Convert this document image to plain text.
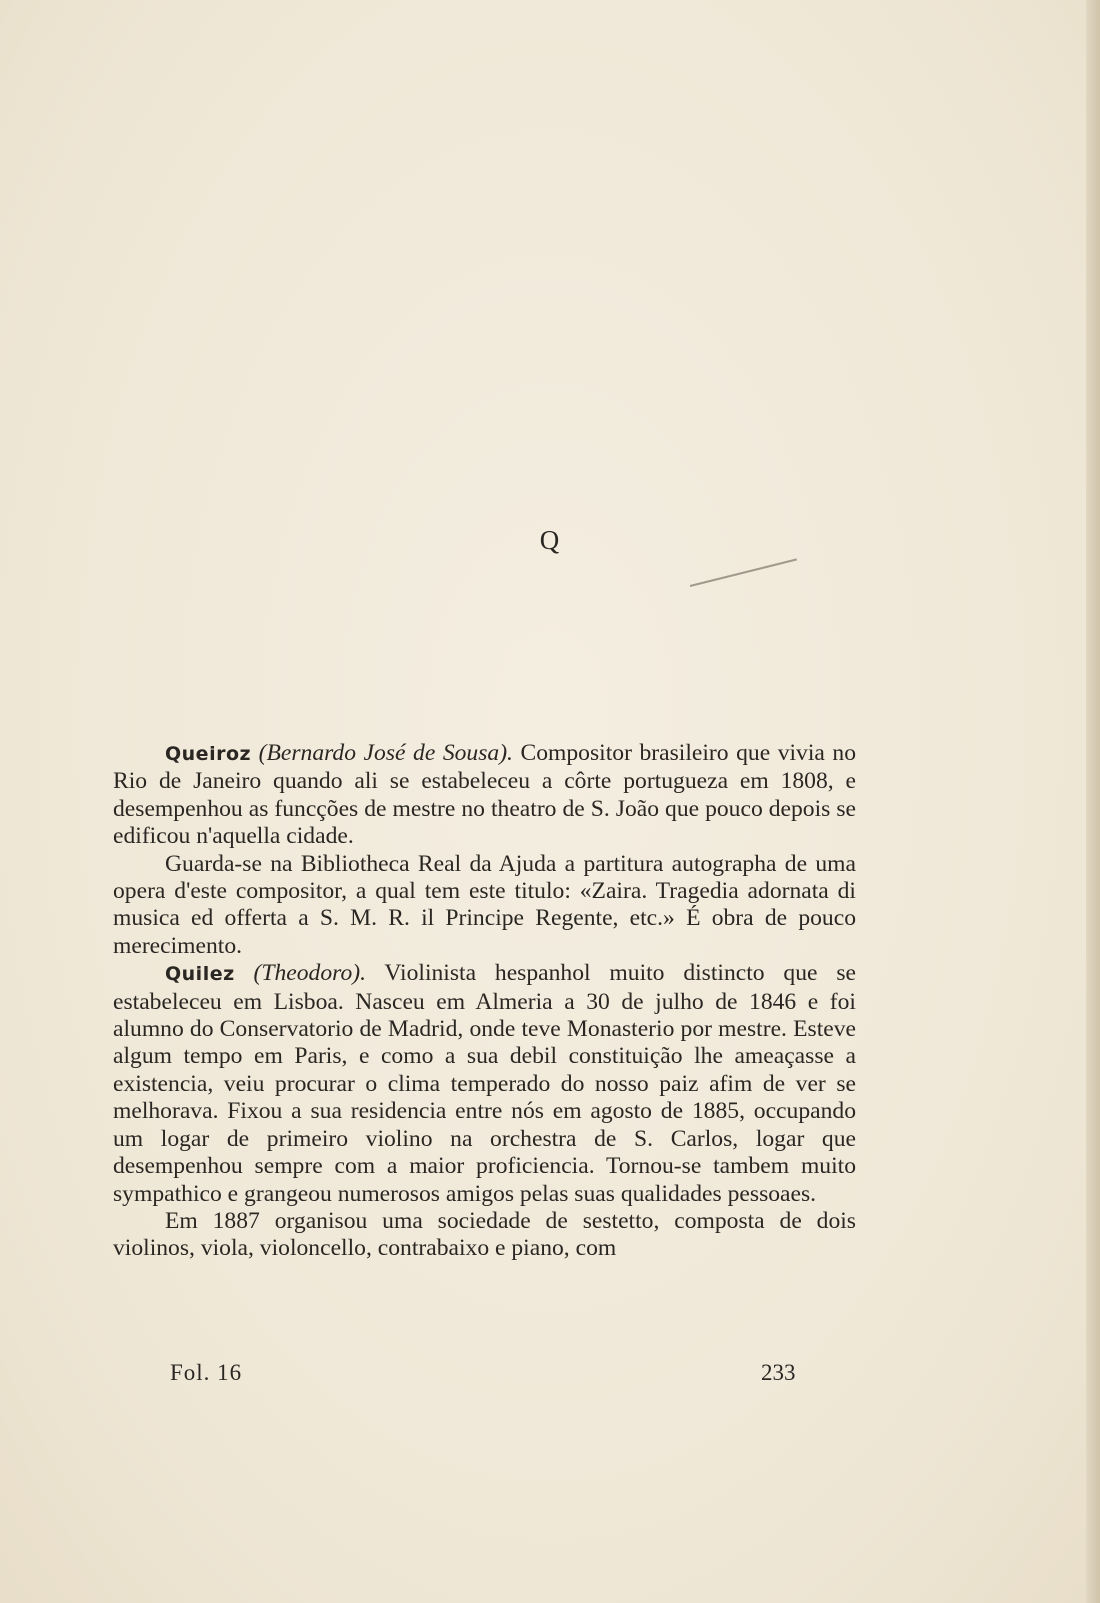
Q

Queiroz (Bernardo José de Sousa). Compositor brasileiro que vivia no Rio de Janeiro quando ali se estabeleceu a côrte portugueza em 1808, e desempenhou as funcções de mestre no theatro de S. João que pouco depois se edificou n'aquella cidade.

Guarda-se na Bibliotheca Real da Ajuda a partitura autographa de uma opera d'este compositor, a qual tem este titulo: «Zaira. Tragedia adornata di musica ed offerta a S. M. R. il Principe Regente, etc.» É obra de pouco merecimento.

Quilez (Theodoro). Violinista hespanhol muito distincto que se estabeleceu em Lisboa. Nasceu em Almeria a 30 de julho de 1846 e foi alumno do Conservatorio de Madrid, onde teve Monasterio por mestre. Esteve algum tempo em Paris, e como a sua debil constituição lhe ameaçasse a existencia, veiu procurar o clima temperado do nosso paiz afim de ver se melhorava. Fixou a sua residencia entre nós em agosto de 1885, occupando um logar de primeiro violino na orchestra de S. Carlos, logar que desempenhou sempre com a maior proficiencia. Tornou-se tambem muito sympathico e grangeou numerosos amigos pelas suas qualidades pessoaes.

Em 1887 organisou uma sociedade de sestetto, composta de dois violinos, viola, violoncello, contrabaixo e piano, com

Fol. 16	233
